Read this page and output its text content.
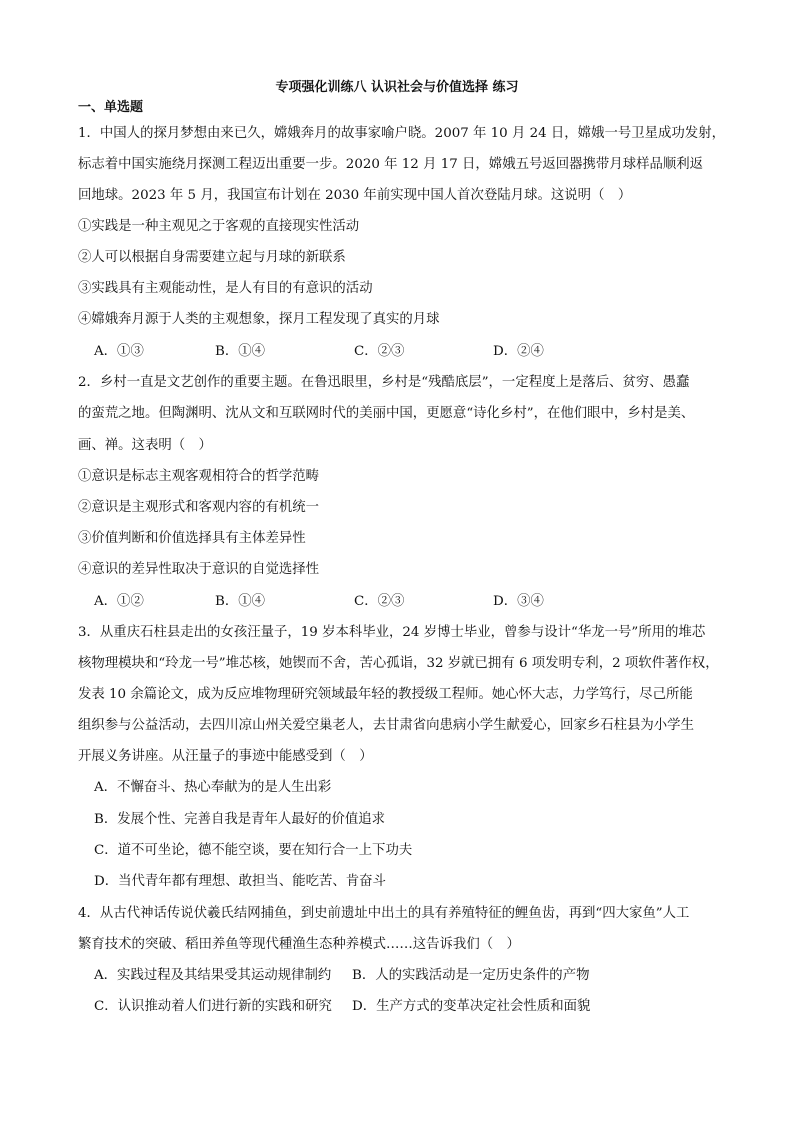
专项强化训练八 认识社会与价值选择 练习
一、单选题
1．中国人的探月梦想由来已久，嫦娥奔月的故事家喻户晓。2007 年 10 月 24 日，嫦娥一号卫星成功发射，
标志着中国实施绕月探测工程迈出重要一步。2020 年 12 月 17 日，嫦娥五号返回器携带月球样品顺利返
回地球。2023 年 5 月，我国宣布计划在 2030 年前实现中国人首次登陆月球。这说明（　）
①实践是一种主观见之于客观的直接现实性活动
②人可以根据自身需要建立起与月球的新联系
③实践具有主观能动性，是人有目的有意识的活动
④嫦娥奔月源于人类的主观想象，探月工程发现了真实的月球
A．①③	B．①④	C．②③	D．②④
2．乡村一直是文艺创作的重要主题。在鲁迅眼里，乡村是“残酷底层”，一定程度上是落后、贫穷、愚蠢
的蛮荒之地。但陶渊明、沈从文和互联网时代的美丽中国，更愿意“诗化乡村”，在他们眼中，乡村是美、
画、禅。这表明（　）
①意识是标志主观客观相符合的哲学范畴
②意识是主观形式和客观内容的有机统一
③价值判断和价值选择具有主体差异性
④意识的差异性取决于意识的自觉选择性
A．①②	B．①④	C．②③	D．③④
3．从重庆石柱县走出的女孩汪量子，19 岁本科毕业，24 岁博士毕业，曾参与设计“华龙一号”所用的堆芯
核物理模块和“玲龙一号”堆芯核，她锲而不舍，苦心孤诣，32 岁就已拥有 6 项发明专利，2 项软件著作权，
发表 10 余篇论文，成为反应堆物理研究领域最年轻的教授级工程师。她心怀大志，力学笃行，尽己所能
组织参与公益活动，去四川凉山州关爱空巢老人，去甘肃省向患病小学生献爱心，回家乡石柱县为小学生
开展义务讲座。从汪量子的事迹中能感受到（　）
A．不懈奋斗、热心奉献为的是人生出彩
B．发展个性、完善自我是青年人最好的价值追求
C．道不可坐论，德不能空谈，要在知行合一上下功夫
D．当代青年都有理想、敢担当、能吃苦、肯奋斗
4．从古代神话传说伏羲氏结网捕鱼，到史前遗址中出土的具有养殖特征的鲤鱼齿，再到“四大家鱼”人工
繁育技术的突破、稻田养鱼等现代種渔生态种养模式……这告诉我们（　）
A．实践过程及其结果受其运动规律制约 B．人的实践活动是一定历史条件的产物
C．认识推动着人们进行新的实践和研究 D．生产方式的变革决定社会性质和面貌
